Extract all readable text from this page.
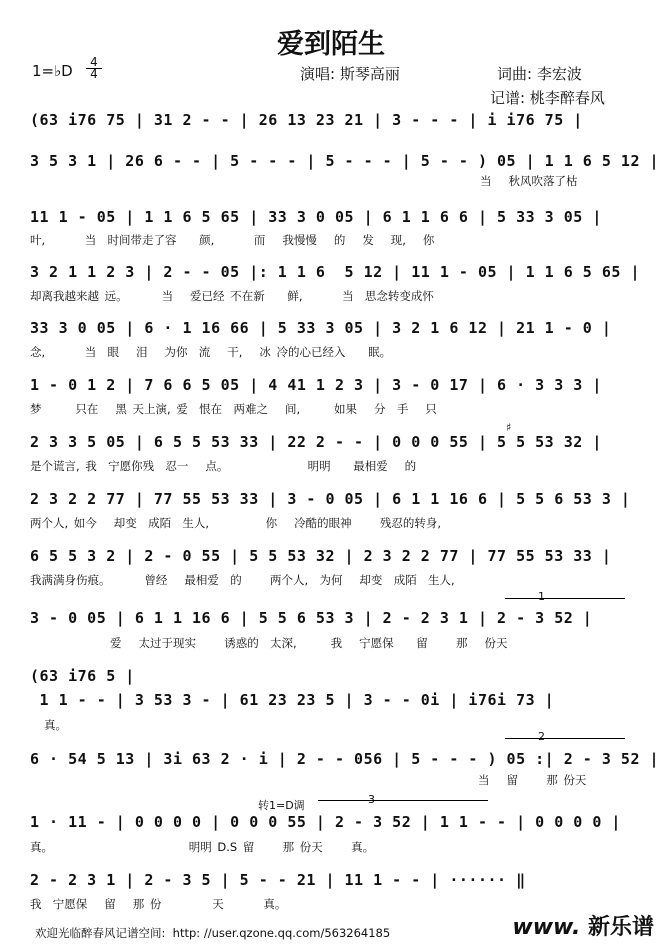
爱到陌生
1=♭D	4
4	演唱: 斯琴高丽	词曲: 李宏波
记谱: 桃李醉春风
(63 i76 75 | 31 2 - - | 26 13 23 21 | 3 - - - | i i76 75 |
3 5 3 1 | 26 6 - - | 5 - - - | 5 - - - | 5 - - ) 05 | 1 1 6 5 12 |
当   秋风吹落了枯
11 1 - 05 | 1 1 6 5 65 | 33 3 0 05 | 6 1 1 6 6 | 5 33 3 05 |
叶,       当  时间带走了容    颜,       而   我慢慢   的   发   现,   你
3 2 1 1 2 3 | 2 - - 05 |: 1 1 6  5 12 | 11 1 - 05 | 1 1 6 5 65 |
却离我越来越 远。      当   爱已经 不在新    鲜,       当  思念转变成怀
33 3 0 05 | 6 · 1 16 66 | 5 33 3 05 | 3 2 1 6 12 | 21 1 - 0 |
念,       当  眼   泪   为你  流   干,   冰 冷的心已经入    眠。
1 - 0 1 2 | 7 6 6 5 05 | 4 41 1 2 3 | 3 - 0 17 | 6 · 3 3 3 |
梦      只在   黑 天上演, 爱  恨在  两难之   间,      如果   分  手   只
♯
2 3 3 5 05 | 6 5 5 53 33 | 22 2 - - | 0 0 0 55 | 5 5 53 32 |
是个谎言, 我  宁愿你残  忍一   点。              明明    最相爱   的
2 3 2 2 77 | 77 55 53 33 | 3 - 0 05 | 6 1 1 16 6 | 5 5 6 53 3 |
两个人, 如今   却变  成陌  生人,          你   冷酷的眼神     残忍的转身,
6 5 5 3 2 | 2 - 0 55 | 5 5 53 32 | 2 3 2 2 77 | 77 55 53 33 |
我满满身伤痕。      曾经   最相爱  的     两个人,  为何   却变  成陌  生人,
1
3 - 0 05 | 6 1 1 16 6 | 5 5 6 53 3 | 2 - 2 3 1 | 2 - 3 52 |
爱   太过于现实     诱惑的  太深,      我   宁愿保    留     那   份天
(63 i76 5 |
1 1 - - | 3 53 3 - | 61 23 23 5 | 3 - - 0i | i76i 73 |
真。
2
6 · 54 5 13 | 3i 63 2 · i | 2 - - 056 | 5 - - - ) 05 :| 2 - 3 52 |
当   留     那 份天
转1=D调	3
1 · 11 - | 0 0 0 0 | 0 0 0 55 | 2 - 3 52 | 1 1 - - | 0 0 0 0 |
真。                        明明 D.S 留     那 份天     真。
2 - 2 3 1 | 2 - 3 5 | 5 - - 21 | 11 1 - - | ······ ‖
我  宁愿保   留   那 份         天       真。
欢迎光临醉春风记谱空间:  http: //user.qzone.qq.com/563264185	www. 新乐谱
